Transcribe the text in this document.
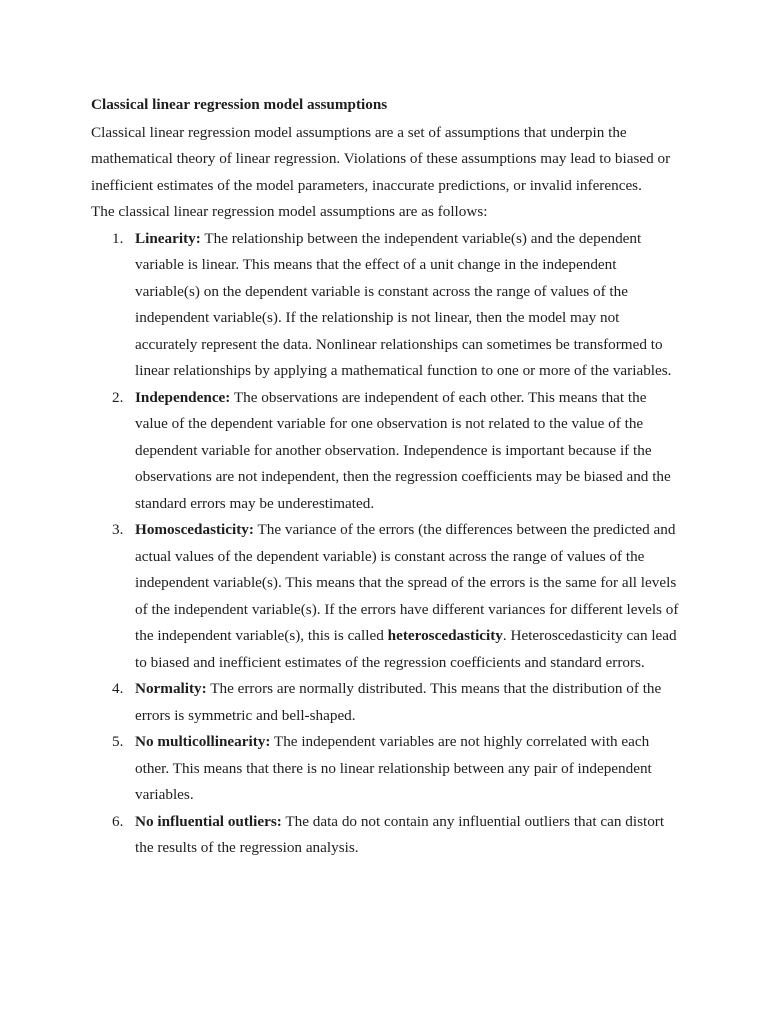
Classical linear regression model assumptions

Classical linear regression model assumptions are a set of assumptions that underpin the mathematical theory of linear regression. Violations of these assumptions may lead to biased or inefficient estimates of the model parameters, inaccurate predictions, or invalid inferences.

The classical linear regression model assumptions are as follows:

1. Linearity: The relationship between the independent variable(s) and the dependent variable is linear. This means that the effect of a unit change in the independent variable(s) on the dependent variable is constant across the range of values of the independent variable(s). If the relationship is not linear, then the model may not accurately represent the data. Nonlinear relationships can sometimes be transformed to linear relationships by applying a mathematical function to one or more of the variables.
2. Independence: The observations are independent of each other. This means that the value of the dependent variable for one observation is not related to the value of the dependent variable for another observation. Independence is important because if the observations are not independent, then the regression coefficients may be biased and the standard errors may be underestimated.
3. Homoscedasticity: The variance of the errors (the differences between the predicted and actual values of the dependent variable) is constant across the range of values of the independent variable(s). This means that the spread of the errors is the same for all levels of the independent variable(s). If the errors have different variances for different levels of the independent variable(s), this is called heteroscedasticity. Heteroscedasticity can lead to biased and inefficient estimates of the regression coefficients and standard errors.
4. Normality: The errors are normally distributed. This means that the distribution of the errors is symmetric and bell-shaped.
5. No multicollinearity: The independent variables are not highly correlated with each other. This means that there is no linear relationship between any pair of independent variables.
6. No influential outliers: The data do not contain any influential outliers that can distort the results of the regression analysis.
